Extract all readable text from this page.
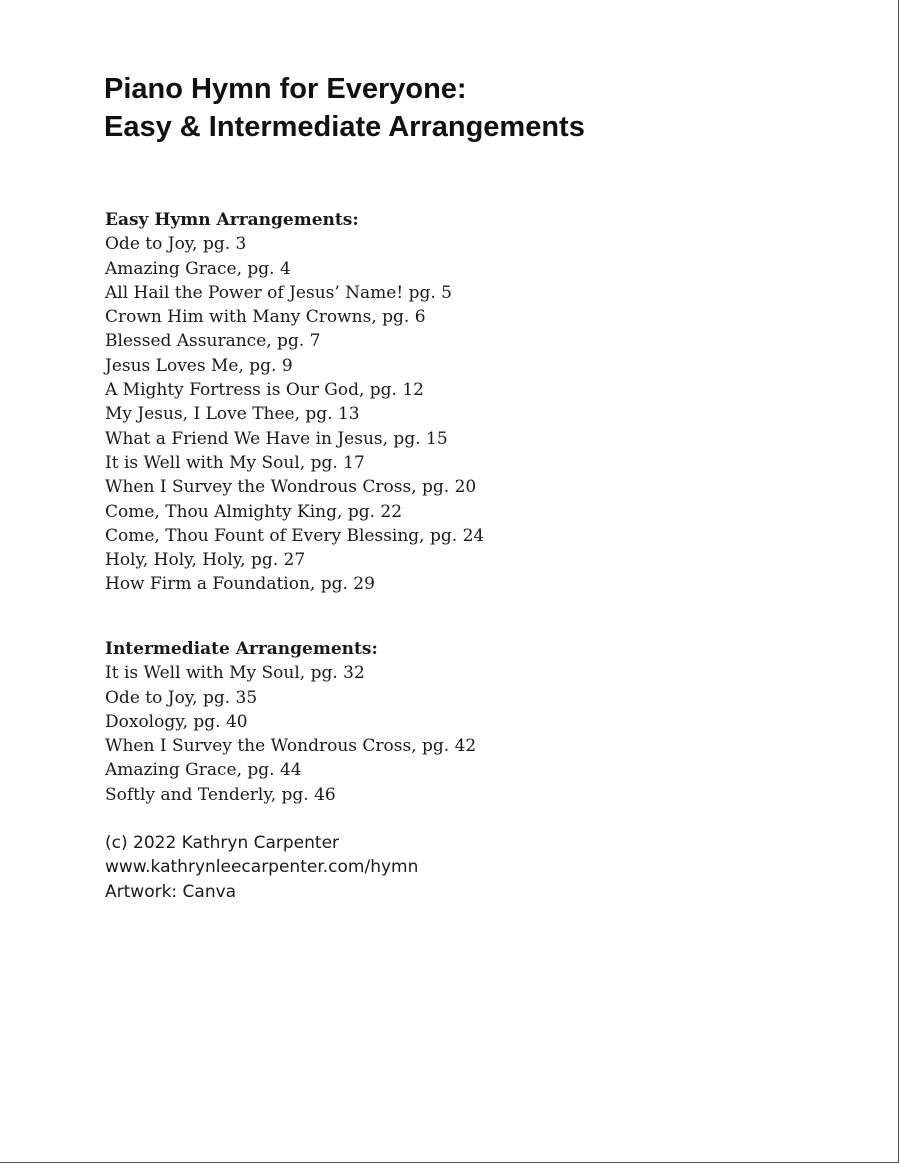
Piano Hymn for Everyone:
Easy & Intermediate Arrangements
Easy Hymn Arrangements:
Ode to Joy, pg. 3
Amazing Grace, pg. 4
All Hail the Power of Jesus’ Name! pg. 5
Crown Him with Many Crowns, pg. 6
Blessed Assurance, pg. 7
Jesus Loves Me, pg. 9
A Mighty Fortress is Our God, pg. 12
My Jesus, I Love Thee, pg. 13
What a Friend We Have in Jesus, pg. 15
It is Well with My Soul, pg. 17
When I Survey the Wondrous Cross, pg. 20
Come, Thou Almighty King, pg. 22
Come, Thou Fount of Every Blessing, pg. 24
Holy, Holy, Holy, pg. 27
How Firm a Foundation, pg. 29
Intermediate Arrangements:
It is Well with My Soul, pg. 32
Ode to Joy, pg. 35
Doxology, pg. 40
When I Survey the Wondrous Cross, pg. 42
Amazing Grace, pg. 44
Softly and Tenderly, pg. 46
(c) 2022 Kathryn Carpenter
www.kathrynleecarpenter.com/hymn
Artwork: Canva
